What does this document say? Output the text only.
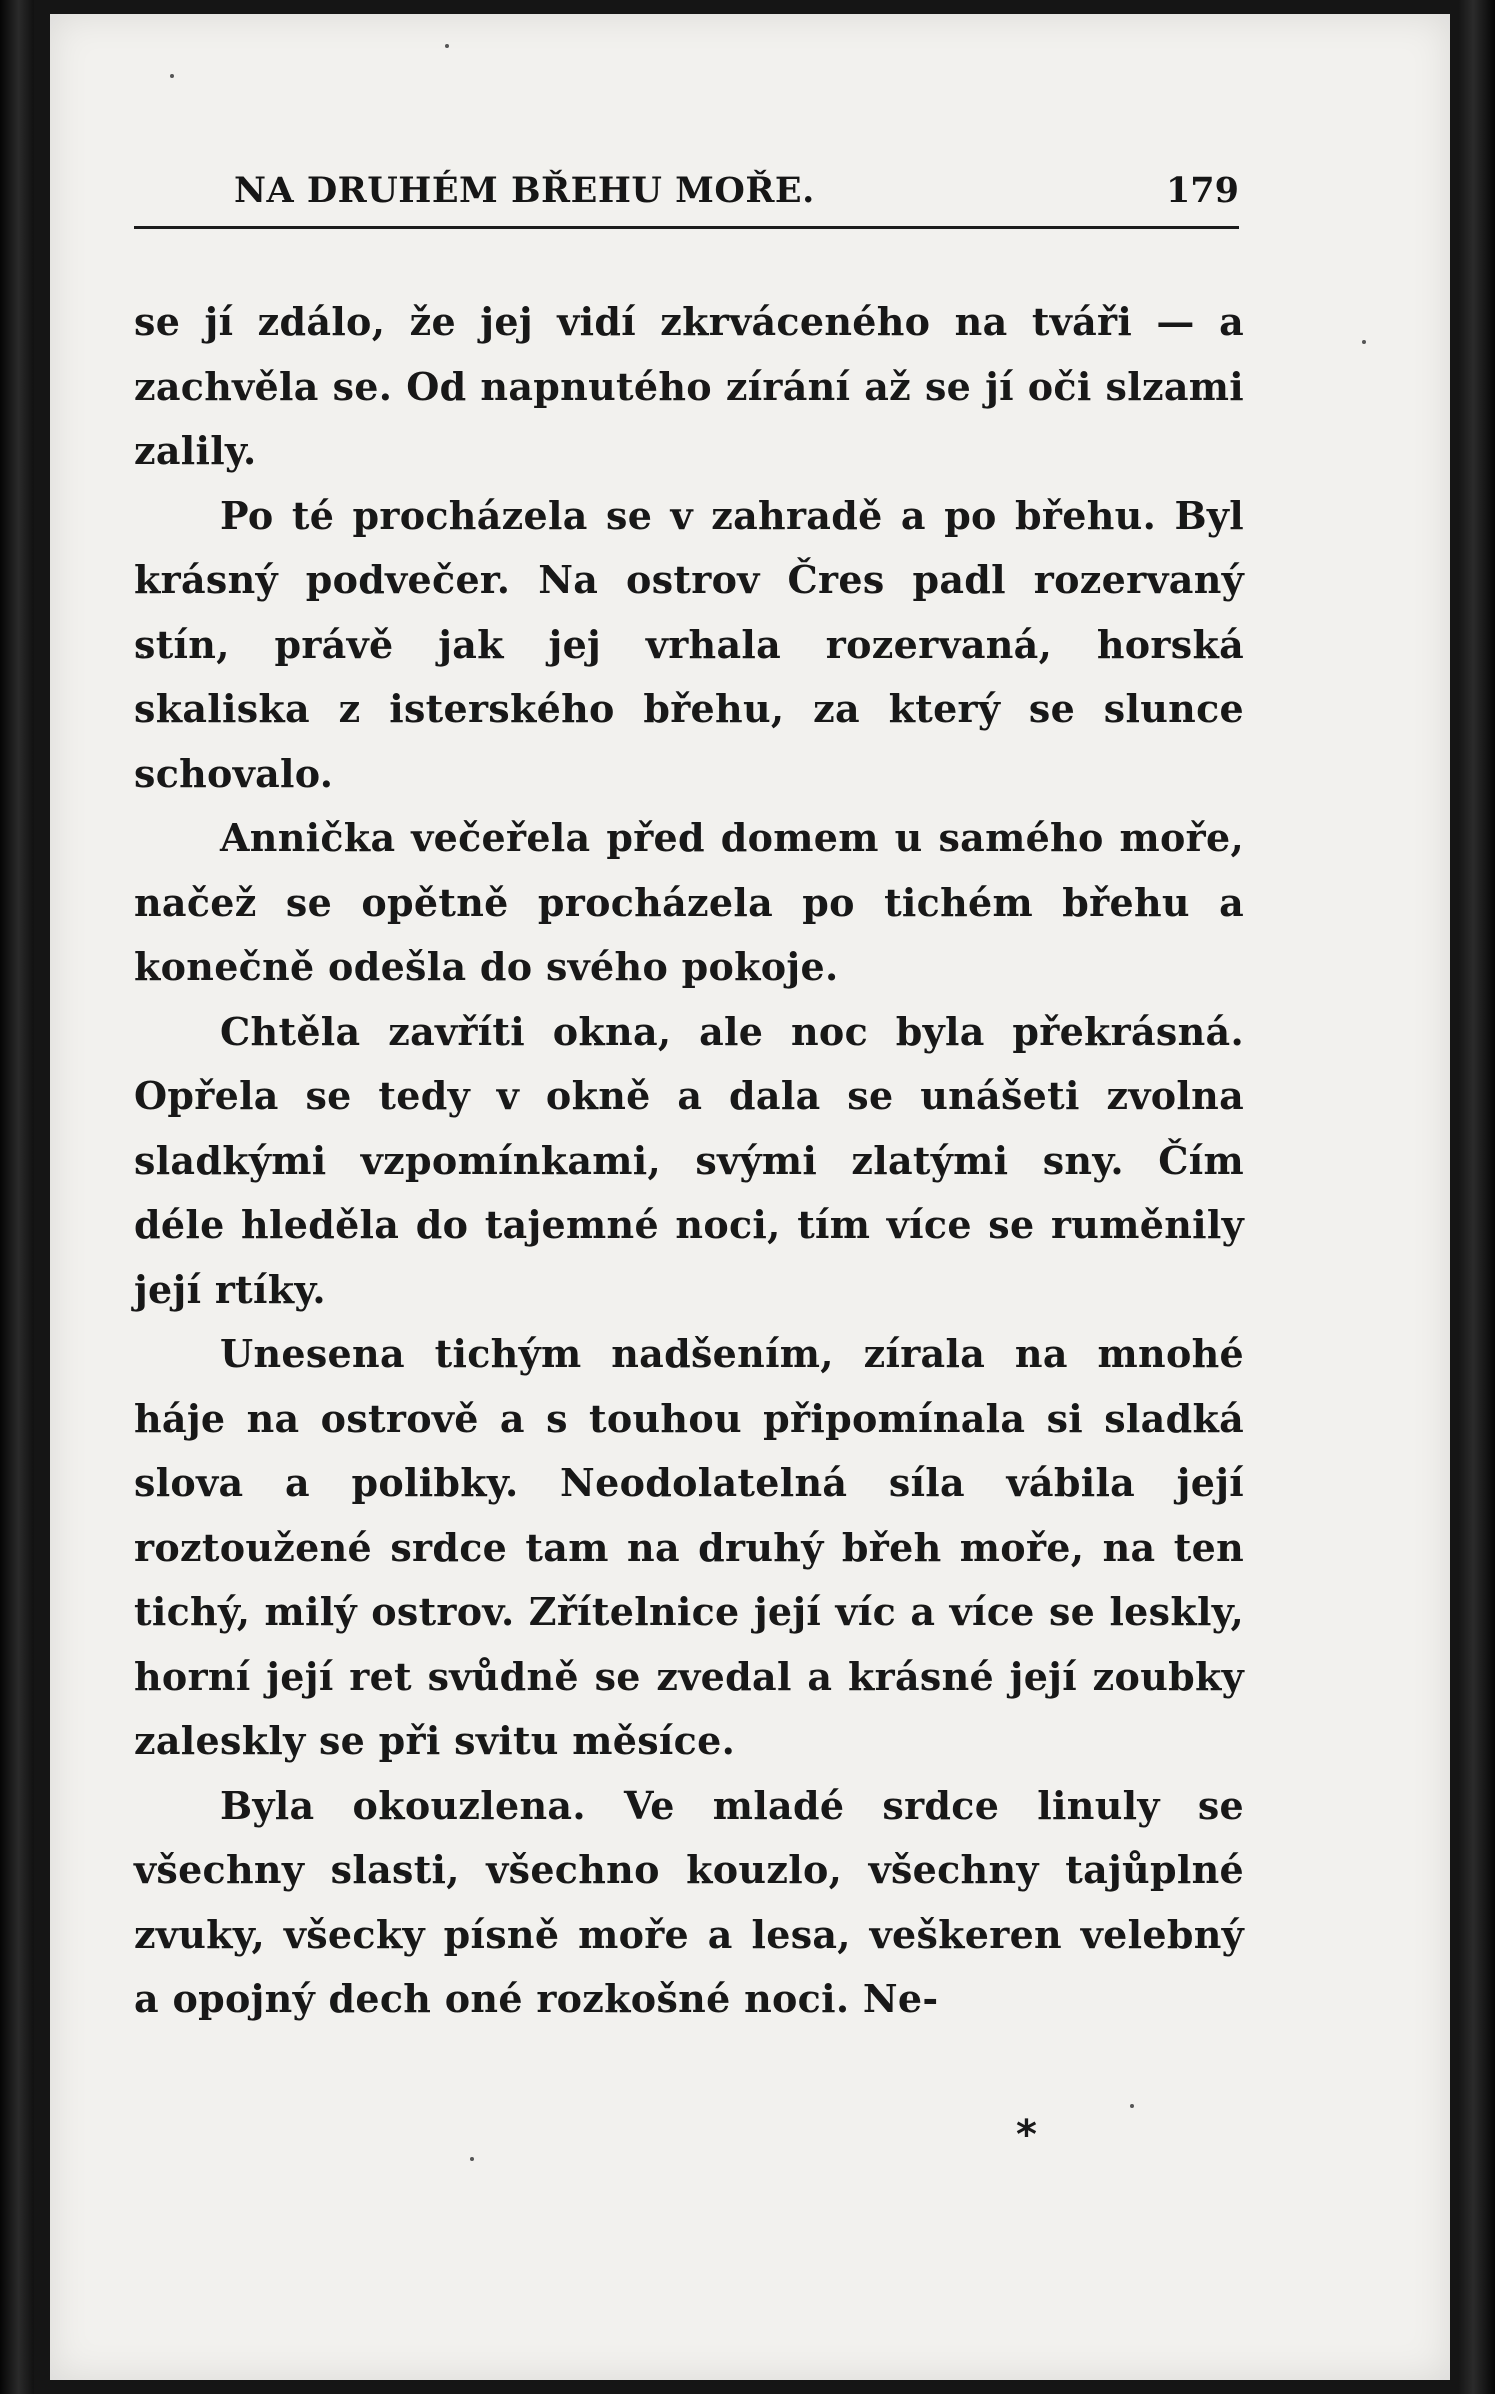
NA DRUHÉM BŘEHU MOŘE.	179

se jí zdálo, že jej vidí zkrváceného na tváři — a zachvěla se. Od napnutého zírání až se jí oči slzami zalily.

Po té procházela se v zahradě a po břehu. Byl krásný podvečer. Na ostrov Čres padl rozervaný stín, právě jak jej vrhala rozervaná, horská skaliska z isterského břehu, za který se slunce schovalo.

Annička večeřela před domem u samého moře, načež se opětně procházela po tichém břehu a konečně odešla do svého pokoje.

Chtěla zavříti okna, ale noc byla překrásná. Opřela se tedy v okně a dala se unášeti zvolna sladkými vzpomínkami, svými zlatými sny. Čím déle hleděla do tajemné noci, tím více se ruměnily její rtíky.

Unesena tichým nadšením, zírala na mnohé háje na ostrově a s touhou připomínala si sladká slova a polibky. Neodolatelná síla vábila její roztoužené srdce tam na druhý břeh moře, na ten tichý, milý ostrov. Zřítelnice její víc a více se leskly, horní její ret svůdně se zvedal a krásné její zoubky zaleskly se při svitu měsíce.

Byla okouzlena. Ve mladé srdce linuly se všechny slasti, všechno kouzlo, všechny tajůplné zvuky, všecky písně moře a lesa, veškeren velebný a opojný dech oné rozkošné noci. Ne-

*
